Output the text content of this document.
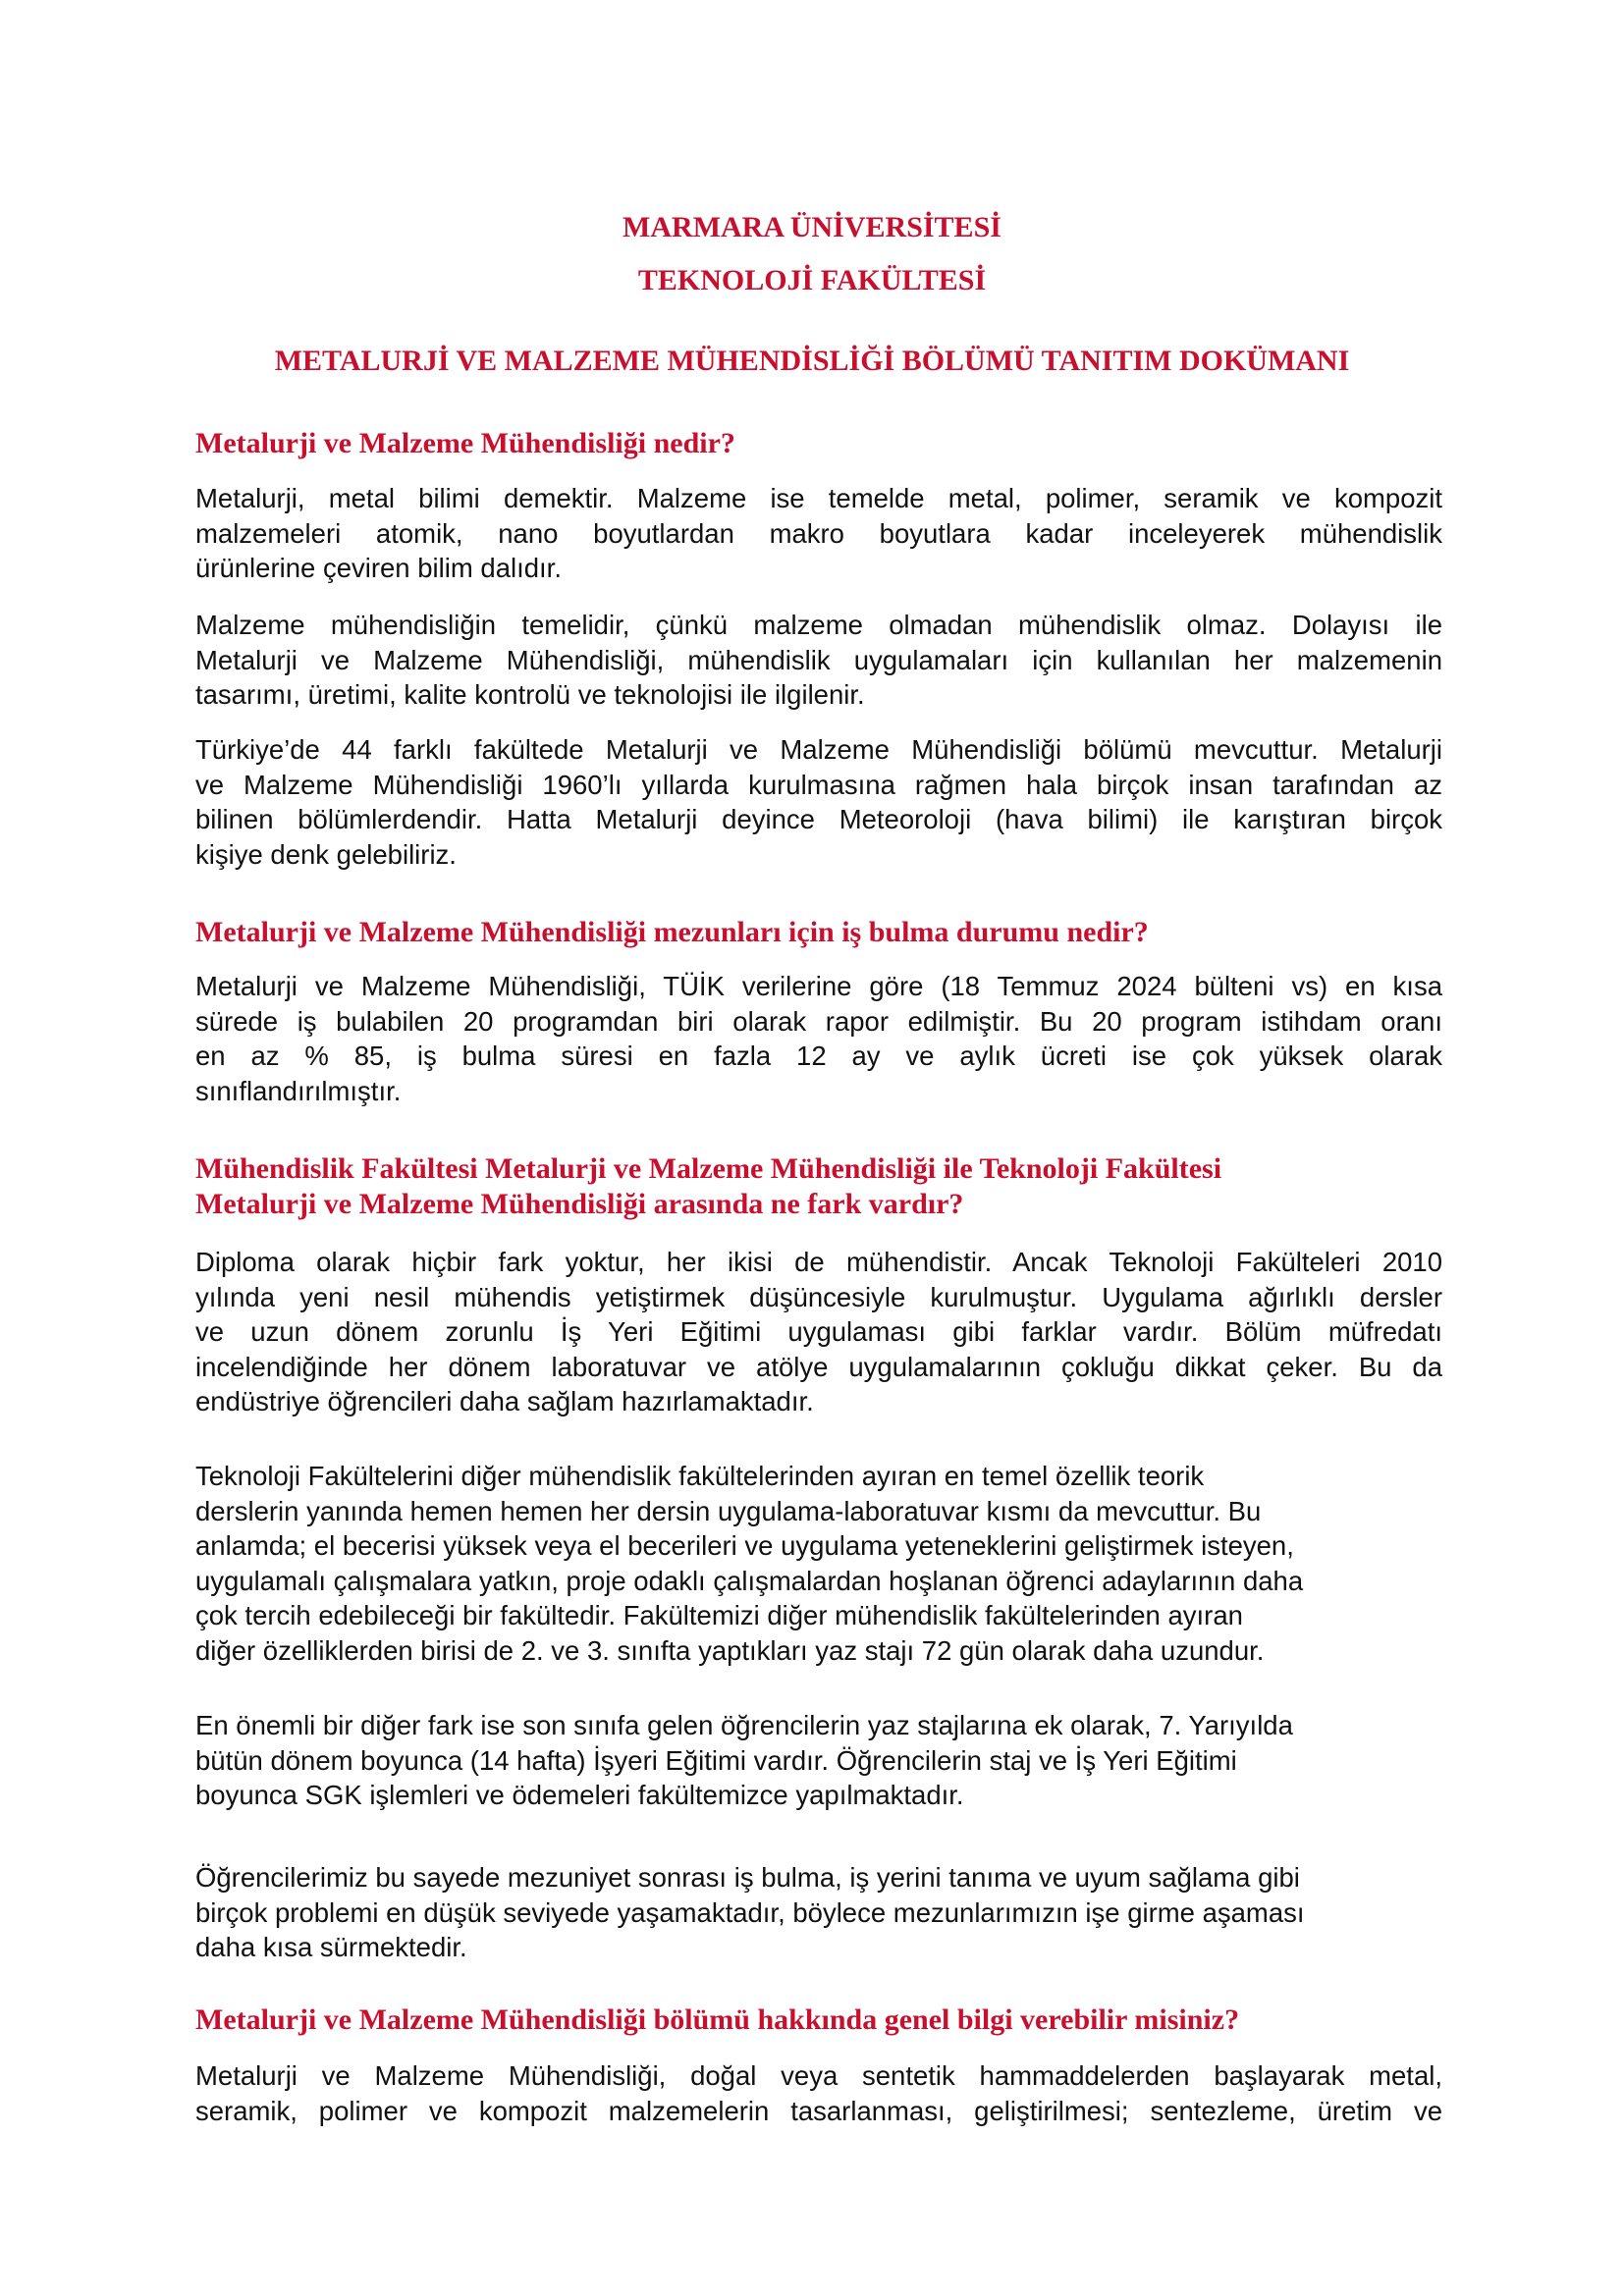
MARMARA ÜNİVERSİTESİ
TEKNOLOJİ FAKÜLTESİ
METALURJİ VE MALZEME MÜHENDİSLİĞİ BÖLÜMÜ TANITIM DOKÜMANI
Metalurji ve Malzeme Mühendisliği nedir?
Metalurji, metal bilimi demektir. Malzeme ise temelde metal, polimer, seramik ve kompozit
malzemeleri atomik, nano boyutlardan makro boyutlara kadar inceleyerek mühendislik
ürünlerine çeviren bilim dalıdır.
Malzeme mühendisliğin temelidir, çünkü malzeme olmadan mühendislik olmaz. Dolayısı ile
Metalurji ve Malzeme Mühendisliği, mühendislik uygulamaları için kullanılan her malzemenin
tasarımı, üretimi, kalite kontrolü ve teknolojisi ile ilgilenir.
Türkiye’de 44 farklı fakültede Metalurji ve Malzeme Mühendisliği bölümü mevcuttur. Metalurji
ve Malzeme Mühendisliği 1960’lı yıllarda kurulmasına rağmen hala birçok insan tarafından az
bilinen bölümlerdendir. Hatta Metalurji deyince Meteoroloji (hava bilimi) ile karıştıran birçok
kişiye denk gelebiliriz.
Metalurji ve Malzeme Mühendisliği mezunları için iş bulma durumu nedir?
Metalurji ve Malzeme Mühendisliği, TÜİK verilerine göre (18 Temmuz 2024 bülteni vs) en kısa
sürede iş bulabilen 20 programdan biri olarak rapor edilmiştir. Bu 20 program istihdam oranı
en az % 85, iş bulma süresi en fazla 12 ay ve aylık ücreti ise çok yüksek olarak
sınıflandırılmıştır.
Mühendislik Fakültesi Metalurji ve Malzeme Mühendisliği ile Teknoloji Fakültesi
Metalurji ve Malzeme Mühendisliği arasında ne fark vardır?
Diploma olarak hiçbir fark yoktur, her ikisi de mühendistir. Ancak Teknoloji Fakülteleri 2010
yılında yeni nesil mühendis yetiştirmek düşüncesiyle kurulmuştur. Uygulama ağırlıklı dersler
ve uzun dönem zorunlu İş Yeri Eğitimi uygulaması gibi farklar vardır. Bölüm müfredatı
incelendiğinde her dönem laboratuvar ve atölye uygulamalarının çokluğu dikkat çeker. Bu da
endüstriye öğrencileri daha sağlam hazırlamaktadır.
Teknoloji Fakültelerini diğer mühendislik fakültelerinden ayıran en temel özellik teorik
derslerin yanında hemen hemen her dersin uygulama-laboratuvar kısmı da mevcuttur. Bu
anlamda; el becerisi yüksek veya el becerileri ve uygulama yeteneklerini geliştirmek isteyen,
uygulamalı çalışmalara yatkın, proje odaklı çalışmalardan hoşlanan öğrenci adaylarının daha
çok tercih edebileceği bir fakültedir. Fakültemizi diğer mühendislik fakültelerinden ayıran
diğer özelliklerden birisi de 2. ve 3. sınıfta yaptıkları yaz stajı 72 gün olarak daha uzundur.
En önemli bir diğer fark ise son sınıfa gelen öğrencilerin yaz stajlarına ek olarak, 7. Yarıyılda
bütün dönem boyunca (14 hafta) İşyeri Eğitimi vardır. Öğrencilerin staj ve İş Yeri Eğitimi
boyunca SGK işlemleri ve ödemeleri fakültemizce yapılmaktadır.
Öğrencilerimiz bu sayede mezuniyet sonrası iş bulma, iş yerini tanıma ve uyum sağlama gibi
birçok problemi en düşük seviyede yaşamaktadır, böylece mezunlarımızın işe girme aşaması
daha kısa sürmektedir.
Metalurji ve Malzeme Mühendisliği bölümü hakkında genel bilgi verebilir misiniz?
Metalurji ve Malzeme Mühendisliği, doğal veya sentetik hammaddelerden başlayarak metal,
seramik, polimer ve kompozit malzemelerin tasarlanması, geliştirilmesi; sentezleme, üretim ve
